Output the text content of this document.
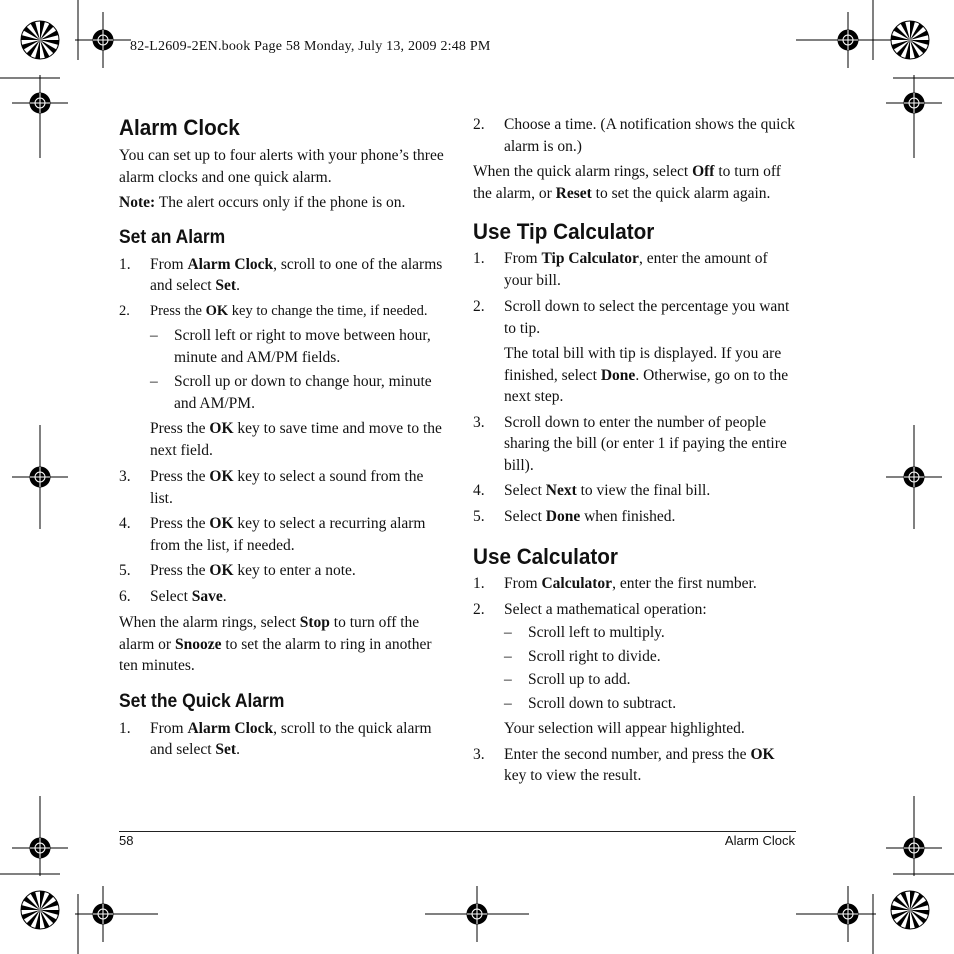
82-L2609-2EN.book Page 58 Monday, July 13, 2009 2:48 PM
Alarm Clock

You can set up to four alerts with your phone’s three alarm clocks and one quick alarm.

Note: The alert occurs only if the phone is on.

Set an Alarm
1. From Alarm Clock, scroll to one of the alarms and select Set.
2. Press the OK key to change the time, if needed.
– Scroll left or right to move between hour, minute and AM/PM fields.
– Scroll up or down to change hour, minute and AM/PM.

Press the OK key to save time and move to the next field.

3. Press the OK key to select a sound from the list.
4. Press the OK key to select a recurring alarm from the list, if needed.
5. Press the OK key to enter a note.
6. Select Save.

When the alarm rings, select Stop to turn off the alarm or Snooze to set the alarm to ring in another ten minutes.

Set the Quick Alarm
1. From Alarm Clock, scroll to the quick alarm and select Set.
2. Choose a time. (A notification shows the quick alarm is on.)

When the quick alarm rings, select Off to turn off the alarm, or Reset to set the quick alarm again.

Use Tip Calculator
1. From Tip Calculator, enter the amount of your bill.
2. Scroll down to select the percentage you want to tip.

The total bill with tip is displayed. If you are finished, select Done. Otherwise, go on to the next step.

3. Scroll down to enter the number of people sharing the bill (or enter 1 if paying the entire bill).
4. Select Next to view the final bill.
5. Select Done when finished.
Use Calculator
1. From Calculator, enter the first number.
2. Select a mathematical operation:
– Scroll left to multiply.
– Scroll right to divide.
– Scroll up to add.
– Scroll down to subtract.

Your selection will appear highlighted.

3. Enter the second number, and press the OK key to view the result.
58	Alarm Clock
